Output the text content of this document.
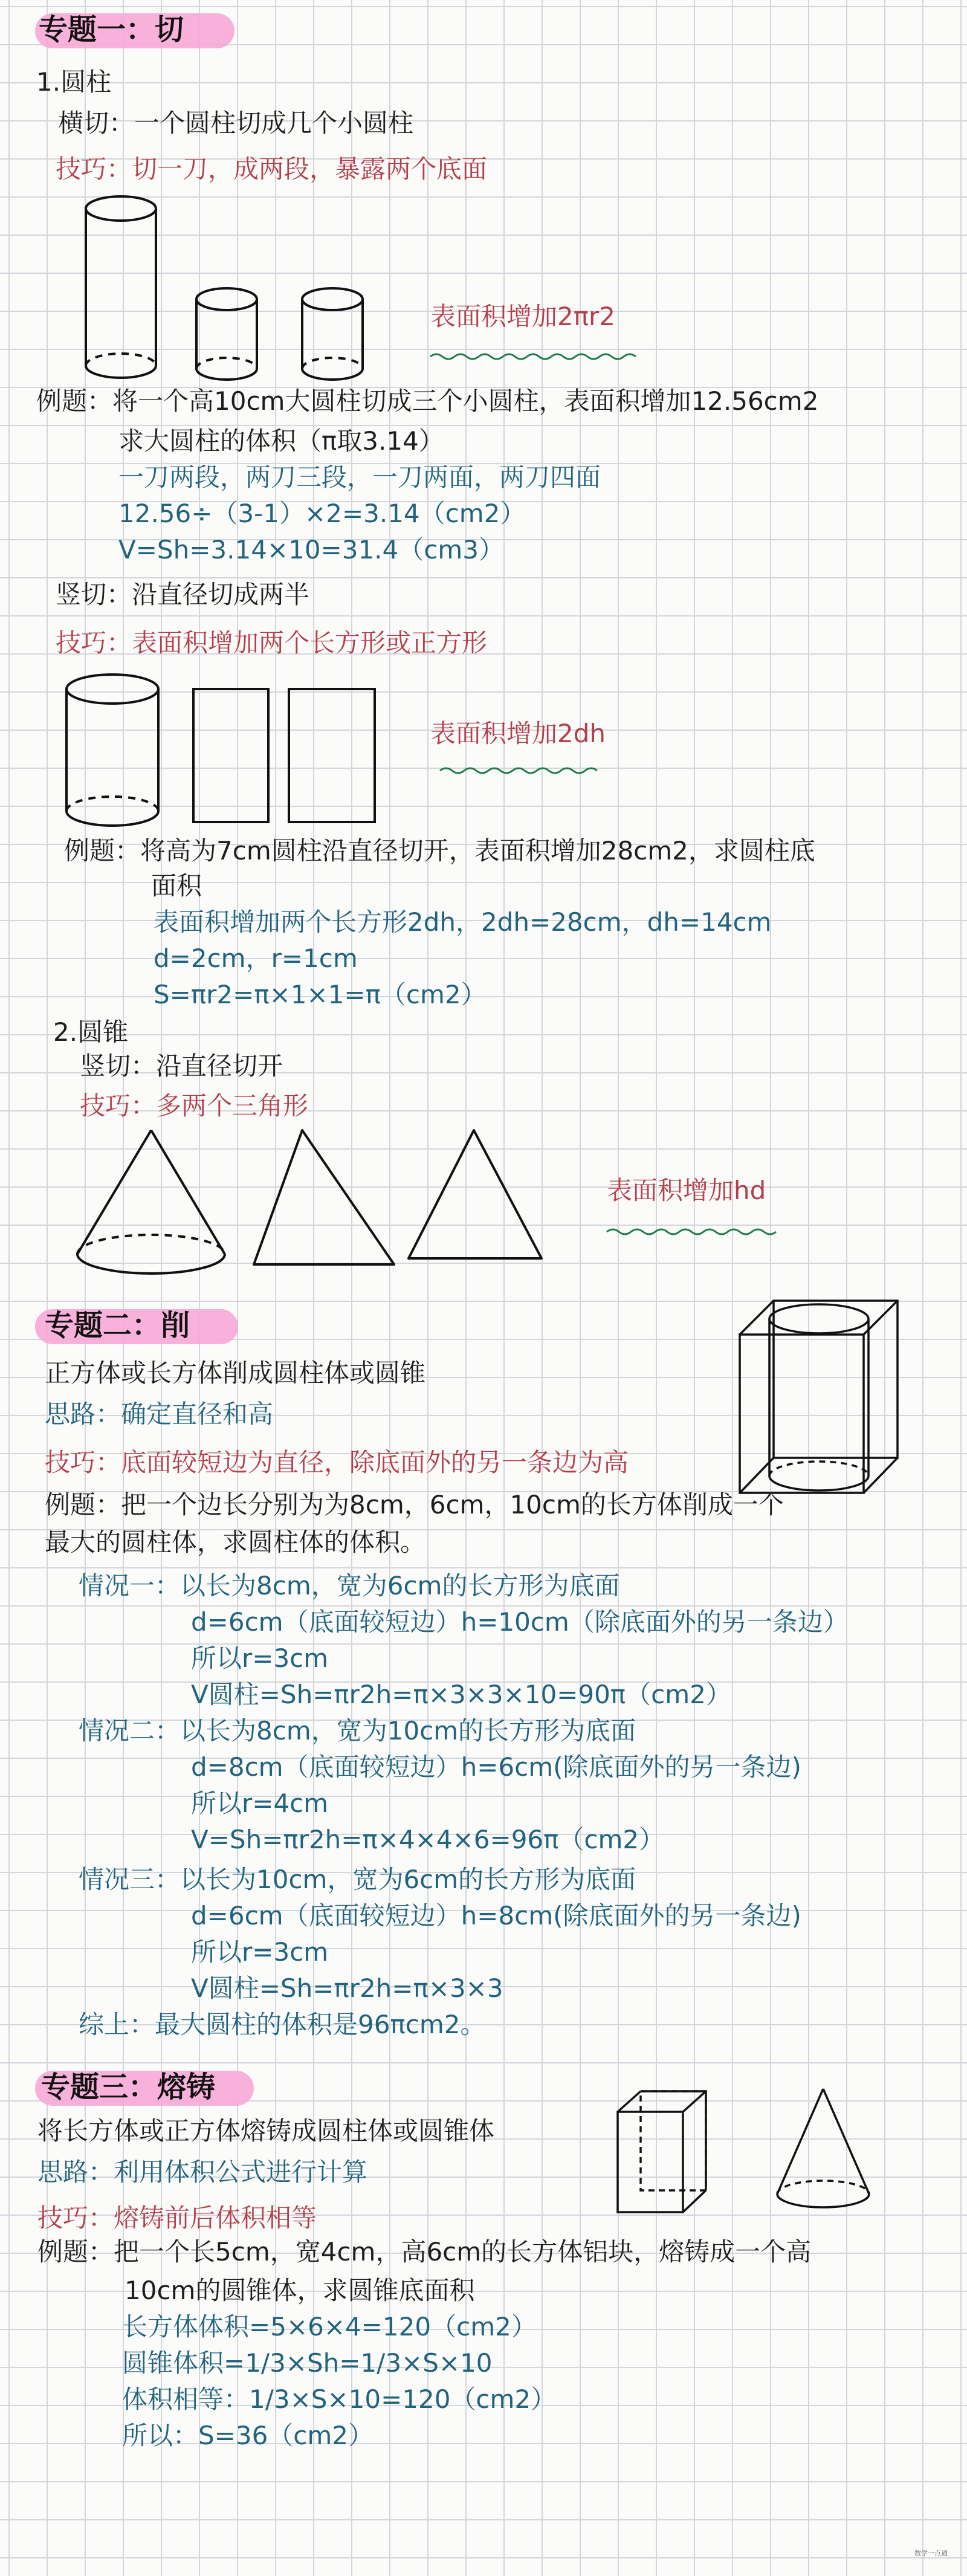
专题一：切
1.圆柱
横切：一个圆柱切成几个小圆柱
技巧：切一刀，成两段，暴露两个底面
表面积增加2πr2
例题：将一个高10cm大圆柱切成三个小圆柱，表面积增加12.56cm2
求大圆柱的体积（π取3.14）
一刀两段，两刀三段，一刀两面，两刀四面
12.56÷（3-1）×2=3.14（cm2）
V=Sh=3.14×10=31.4（cm3）
竖切：沿直径切成两半
技巧：表面积增加两个长方形或正方形
表面积增加2dh
例题：将高为7cm圆柱沿直径切开，表面积增加28cm2，求圆柱底
面积
表面积增加两个长方形2dh，2dh=28cm，dh=14cm
d=2cm，r=1cm
S=πr2=π×1×1=π（cm2）
2.圆锥
竖切：沿直径切开
技巧：多两个三角形
表面积增加hd
专题二：削
正方体或长方体削成圆柱体或圆锥
思路：确定直径和高
技巧：底面较短边为直径，除底面外的另一条边为高
例题：把一个边长分别为为8cm，6cm，10cm的长方体削成一个
最大的圆柱体，求圆柱体的体积。
情况一：以长为8cm，宽为6cm的长方形为底面
d=6cm（底面较短边）h=10cm（除底面外的另一条边）
所以r=3cm
V圆柱=Sh=πr2h=π×3×3×10=90π（cm2）
情况二：以长为8cm，宽为10cm的长方形为底面
d=8cm（底面较短边）h=6cm(除底面外的另一条边)
所以r=4cm
V=Sh=πr2h=π×4×4×6=96π（cm2）
情况三：以长为10cm，宽为6cm的长方形为底面
d=6cm（底面较短边）h=8cm(除底面外的另一条边)
所以r=3cm
V圆柱=Sh=πr2h=π×3×3
综上：最大圆柱的体积是96πcm2。
专题三：熔铸
将长方体或正方体熔铸成圆柱体或圆锥体
思路：利用体积公式进行计算
技巧：熔铸前后体积相等
例题：把一个长5cm，宽4cm，高6cm的长方体铝块，熔铸成一个高
10cm的圆锥体，求圆锥底面积
长方体体积=5×6×4=120（cm2）
圆锥体积=1/3×Sh=1/3×S×10
体积相等：1/3×S×10=120（cm2）
所以：S=36（cm2）
数学一点通
